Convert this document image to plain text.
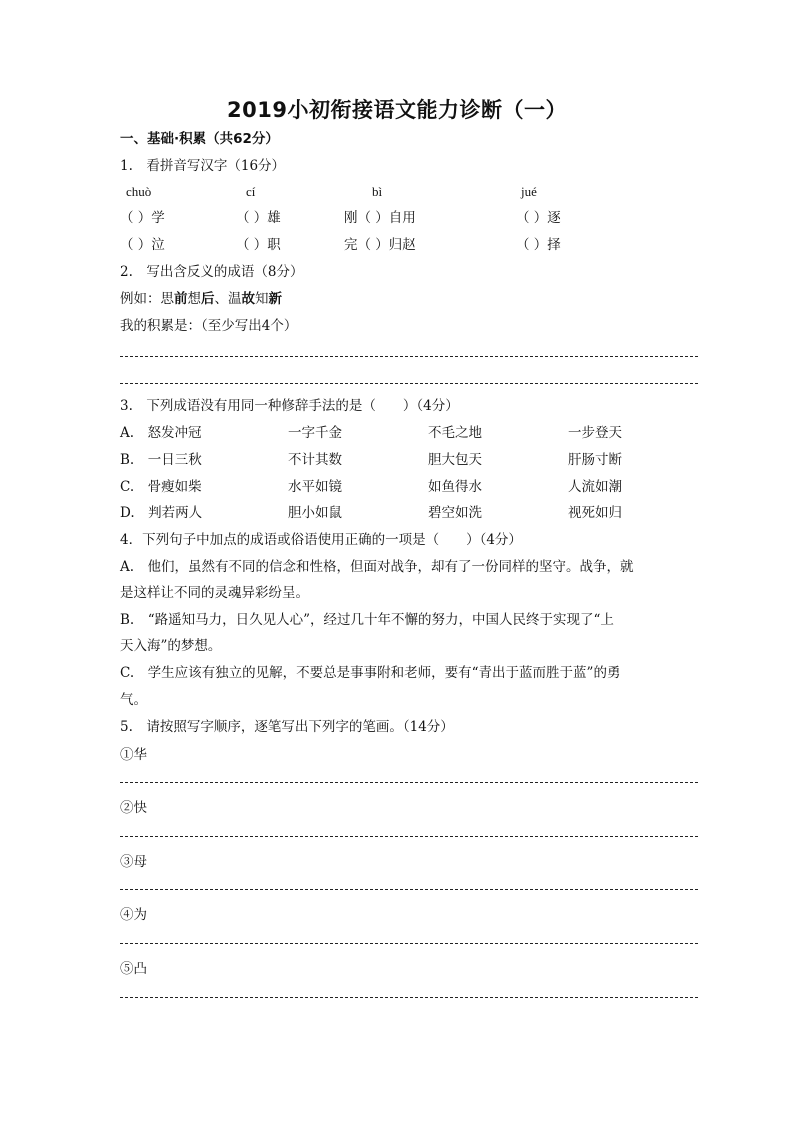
2019小初衔接语文能力诊断（一）
一、基础·积累（共62分）
1.　看拼音写汉字（16分）
chuò	cí	bì	jué
（ ）学	（ ）雄	刚（ ）自用	（ ）逐
（ ）泣	（ ）职	完（ ）归赵	（ ）择
2.　写出含反义的成语（8分）
例如：思前想后、温故知新
我的积累是：（至少写出4个）
3.　下列成语没有用同一种修辞手法的是（　　）（4分）
A.　怒发冲冠	一字千金	不毛之地	一步登天
B.　一日三秋	不计其数	胆大包天	肝肠寸断
C.　骨瘦如柴	水平如镜	如鱼得水	人流如潮
D.　判若两人	胆小如鼠	碧空如洗	视死如归
4．下列句子中加点的成语或俗语使用正确的一项是（　　）（4分）
A.　他们，虽然有不同的信念和性格，但面对战争，却有了一份同样的坚守。战争，就
是这样让不同的灵魂异彩纷呈。
B.　“路遥知马力，日久见人心”，经过几十年不懈的努力，中国人民终于实现了“上
天入海”的梦想。
C.　学生应该有独立的见解，不要总是事事附和老师，要有“青出于蓝而胜于蓝”的勇
气。
5.　请按照写字顺序，逐笔写出下列字的笔画。（14分）
①华
②快
③母
④为
⑤凸
